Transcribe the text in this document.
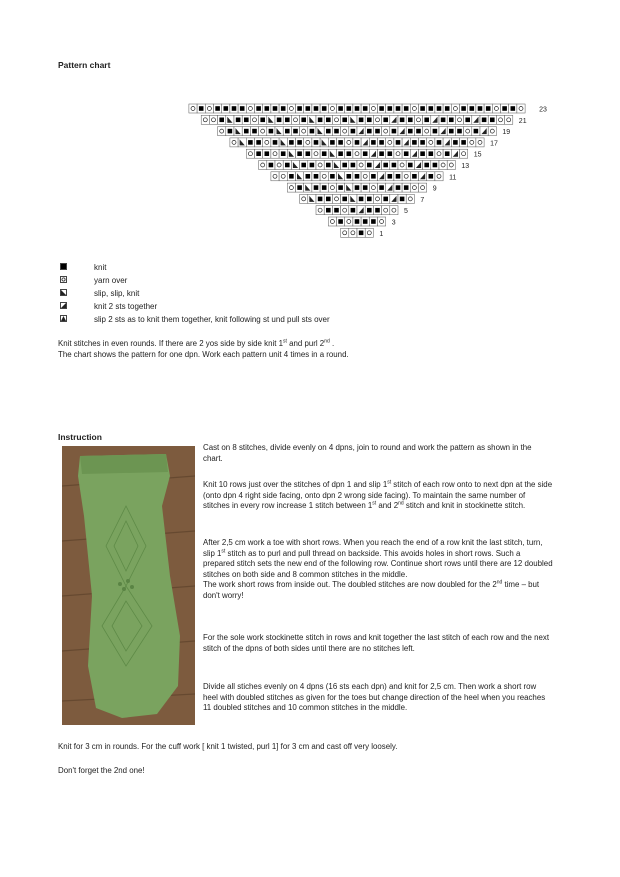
Pattern chart
23
21
19
17
15
13
11
9
7
5
3
1
knit
yarn over
slip, slip, knit
knit 2 sts together
slip 2 sts as to knit them together, knit following st und pull sts over
Knit stitches in even rounds. If there are 2 yos side by side knit 1st and purl 2nd .
The chart shows the pattern for one dpn. Work each pattern unit 4 times in a round.
Instruction
Cast on 8 stitches, divide evenly on 4 dpns, join to round and work the pattern as shown in the chart.
Knit 10 rows just over the stitches of dpn 1 and slip 1st stitch of each row onto to next dpn at the side (onto dpn 4 right side facing, onto dpn 2 wrong side facing). To maintain the same number of stitches in every row increase 1 stitch between 1st and 2nd stitch and knit in stockinette stitch.
After 2,5 cm work a toe with short rows. When you reach the end of a row knit the last stitch, turn, slip 1st stitch as to purl and pull thread on backside. This avoids holes in short rows. Such a prepared stitch sets the new end of the following row. Continue short rows until there are 12 doubled stitches on both side and 8 common stitches in the middle.
The work short rows from inside out. The doubled stitches are now doubled for the 2nd time – but don't worry!
For the sole work stockinette stitch in rows and knit together the last stitch of each row and the next stitch of the dpns of both sides until there are no stitches left.
Divide all stiches evenly on 4 dpns (16 sts each dpn) and knit for 2,5 cm. Then work a short row heel with doubled stitches as given for the toes but change direction of the heel when you reaches 11 doubled stitches and 10 common stitches in the middle.
Knit for 3 cm in rounds. For the cuff work [ knit 1 twisted, purl 1] for 3 cm and cast off very loosely.
Don't forget the 2nd one!
